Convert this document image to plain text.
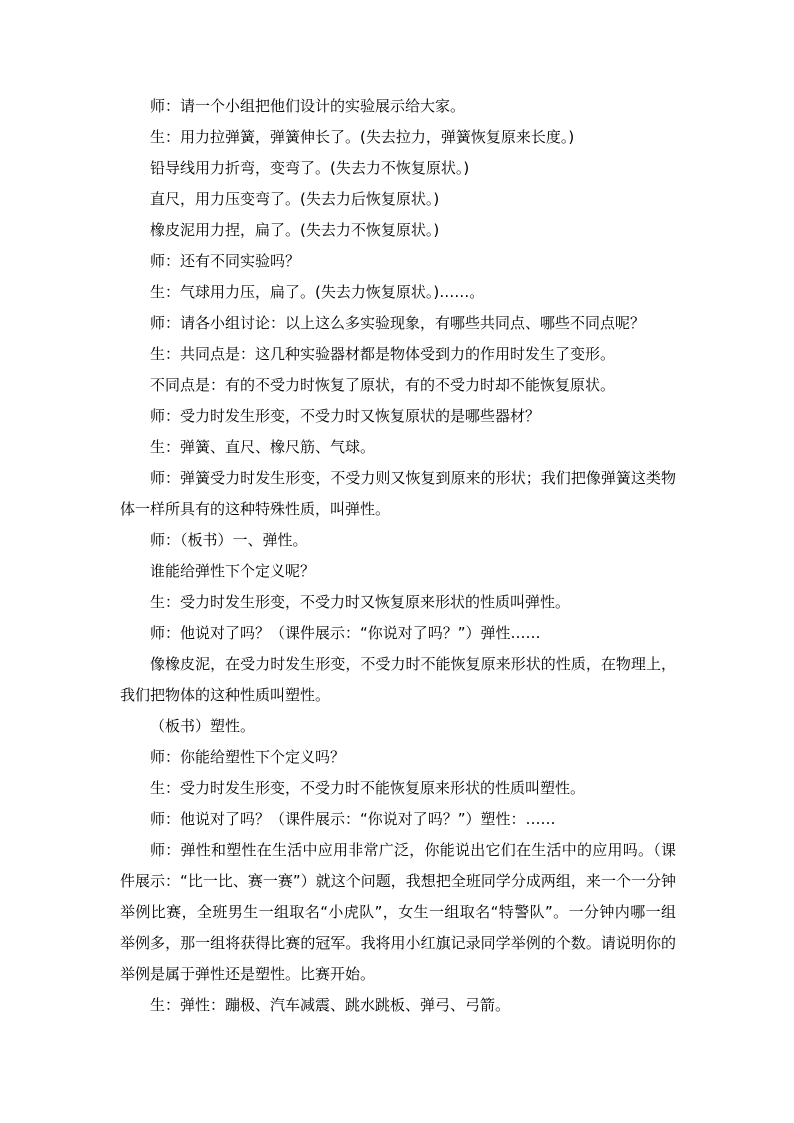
师：请一个小组把他们设计的实验展示给大家。

生：用力拉弹簧，弹簧伸长了。(失去拉力，弹簧恢复原来长度。)

铅导线用力折弯，变弯了。(失去力不恢复原状。)

直尺，用力压变弯了。(失去力后恢复原状。)

橡皮泥用力捏，扁了。(失去力不恢复原状。)

师：还有不同实验吗？

生：气球用力压，扁了。(失去力恢复原状。)……。

师：请各小组讨论：以上这么多实验现象，有哪些共同点、哪些不同点呢？

生：共同点是：这几种实验器材都是物体受到力的作用时发生了变形。

不同点是：有的不受力时恢复了原状，有的不受力时却不能恢复原状。

师：受力时发生形变，不受力时又恢复原状的是哪些器材？

生：弹簧、直尺、橡尺筋、气球。

师：弹簧受力时发生形变，不受力则又恢复到原来的形状；我们把像弹簧这类物体一样所具有的这种特殊性质，叫弹性。

师：（板书）一、弹性。

谁能给弹性下个定义呢？

生：受力时发生形变，不受力时又恢复原来形状的性质叫弹性。

师：他说对了吗？（课件展示：“你说对了吗？”）弹性……

像橡皮泥，在受力时发生形变，不受力时不能恢复原来形状的性质，在物理上，我们把物体的这种性质叫塑性。

（板书）塑性。

师：你能给塑性下个定义吗？

生：受力时发生形变，不受力时不能恢复原来形状的性质叫塑性。

师：他说对了吗？（课件展示：“你说对了吗？”）塑性：……

师：弹性和塑性在生活中应用非常广泛，你能说出它们在生活中的应用吗。（课件展示：“比一比、赛一赛”）就这个问题，我想把全班同学分成两组，来一个一分钟举例比赛，全班男生一组取名“小虎队”，女生一组取名“特警队”。一分钟内哪一组举例多，那一组将获得比赛的冠军。我将用小红旗记录同学举例的个数。请说明你的举例是属于弹性还是塑性。比赛开始。

生：弹性：蹦极、汽车减震、跳水跳板、弹弓、弓箭。
